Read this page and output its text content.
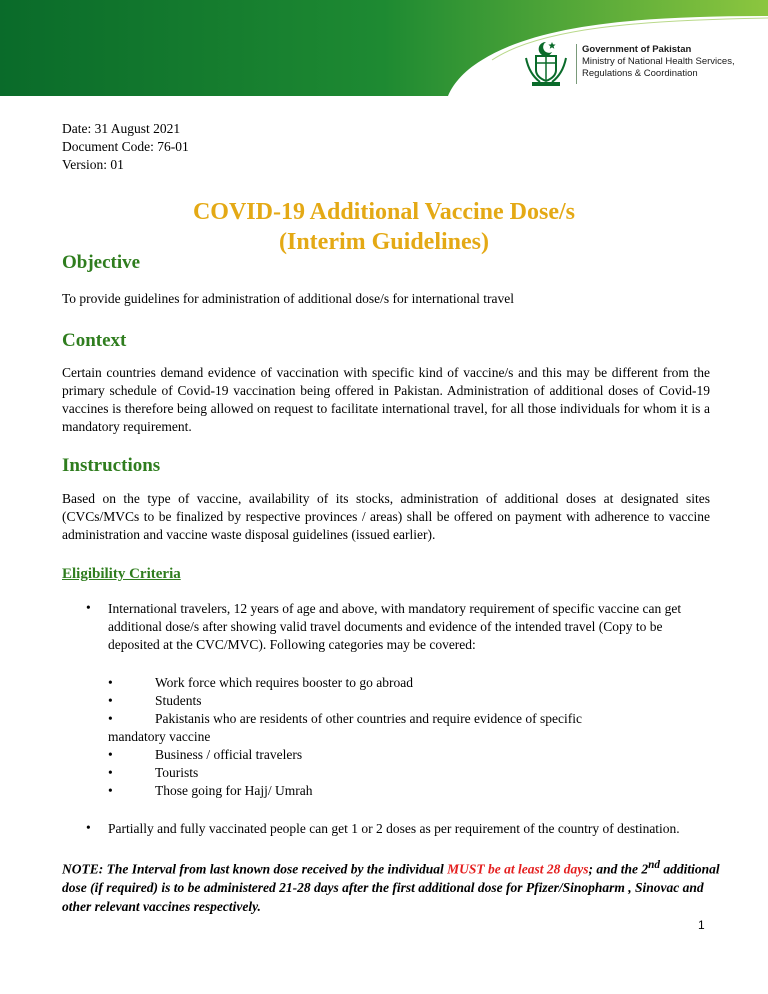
Government of Pakistan
Ministry of National Health Services,
Regulations & Coordination
Date: 31 August 2021
Document Code: 76-01
Version: 01
COVID-19 Additional Vaccine Dose/s
(Interim Guidelines)
Objective

To provide guidelines for administration of additional dose/s for international travel

Context

Certain countries demand evidence of vaccination with specific kind of vaccine/s and this may be different from the primary schedule of Covid-19 vaccination being offered in Pakistan. Administration of additional doses of Covid-19 vaccines is therefore being allowed on request to facilitate international travel, for all those individuals for whom it is a mandatory requirement.

Instructions

Based on the type of vaccine, availability of its stocks, administration of additional doses at designated sites (CVCs/MVCs to be finalized by respective provinces / areas) shall be offered on payment with adherence to vaccine administration and vaccine waste disposal guidelines (issued earlier).

Eligibility Criteria
• International travelers, 12 years of age and above, with mandatory requirement of specific vaccine can get additional dose/s after showing valid travel documents and evidence of the intended travel (Copy to be deposited at the CVC/MVC). Following categories may be covered:
•	Work force which requires booster to go abroad
•	Students
•	Pakistanis who are residents of other countries and require evidence of specific
mandatory vaccine
•	Business / official travelers
•	Tourists
•	Those going for Hajj/ Umrah
• Partially and fully vaccinated people can get 1 or 2 doses as per requirement of the country of destination.
NOTE: The Interval from last known dose received by the individual MUST be at least 28 days; and the 2nd additional dose (if required) is to be administered 21-28 days after the first additional dose for Pfizer/Sinopharm , Sinovac and other relevant vaccines respectively.
1
